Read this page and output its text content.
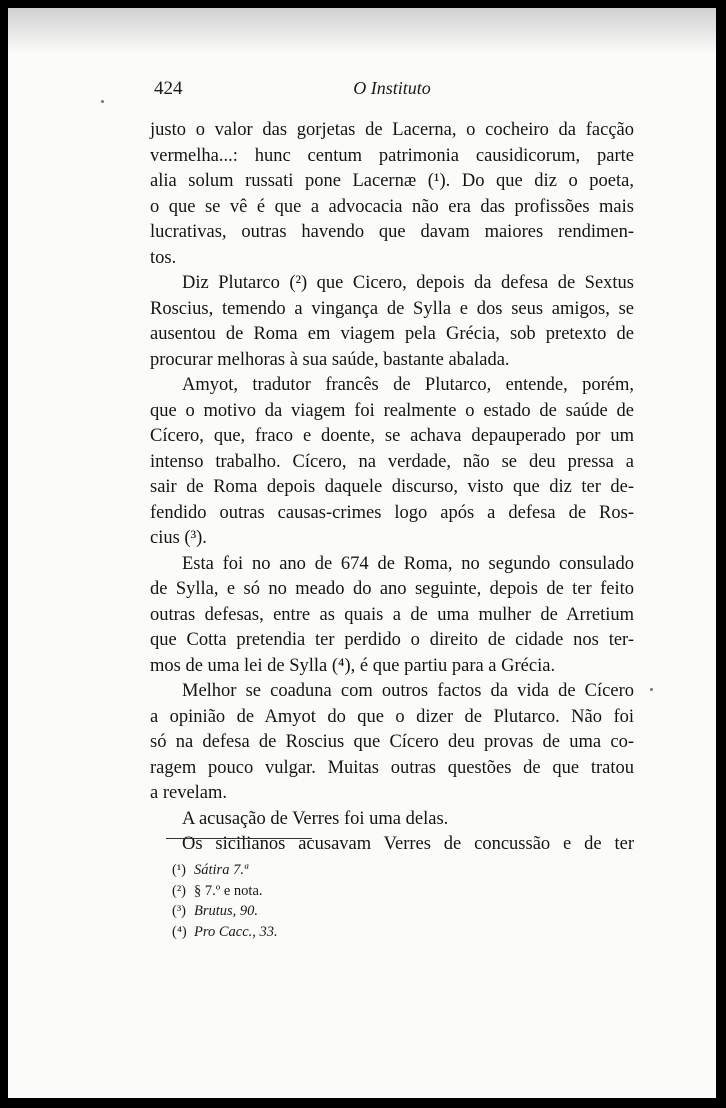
424	O Instituto

justo o valor das gorjetas de Lacerna, o cocheiro da facção

vermelha...: hunc centum patrimonia causidicorum, parte

alia solum russati pone Lacernæ (¹). Do que diz o poeta,

o que se vê é que a advocacia não era das profissões mais

lucrativas, outras havendo que davam maiores rendimen-

tos.

Diz Plutarco (²) que Cicero, depois da defesa de Sextus

Roscius, temendo a vingança de Sylla e dos seus amigos, se

ausentou de Roma em viagem pela Grécia, sob pretexto de

procurar melhoras à sua saúde, bastante abalada.

Amyot, tradutor francês de Plutarco, entende, porém,

que o motivo da viagem foi realmente o estado de saúde de

Cícero, que, fraco e doente, se achava depauperado por um

intenso trabalho. Cícero, na verdade, não se deu pressa a

sair de Roma depois daquele discurso, visto que diz ter de-

fendido outras causas-crimes logo após a defesa de Ros-

cius (³).

Esta foi no ano de 674 de Roma, no segundo consulado

de Sylla, e só no meado do ano seguinte, depois de ter feito

outras defesas, entre as quais a de uma mulher de Arretium

que Cotta pretendia ter perdido o direito de cidade nos ter-

mos de uma lei de Sylla (⁴), é que partiu para a Grécia.

Melhor se coaduna com outros factos da vida de Cícero

a opinião de Amyot do que o dizer de Plutarco. Não foi

só na defesa de Roscius que Cícero deu provas de uma co-

ragem pouco vulgar. Muitas outras questões de que tratou

a revelam.

A acusação de Verres foi uma delas.

Os sicilianos acusavam Verres de concussão e de ter

(¹) Sátira 7.ª
(²) § 7.º e nota.
(³) Brutus, 90.
(⁴) Pro Cacc., 33.
